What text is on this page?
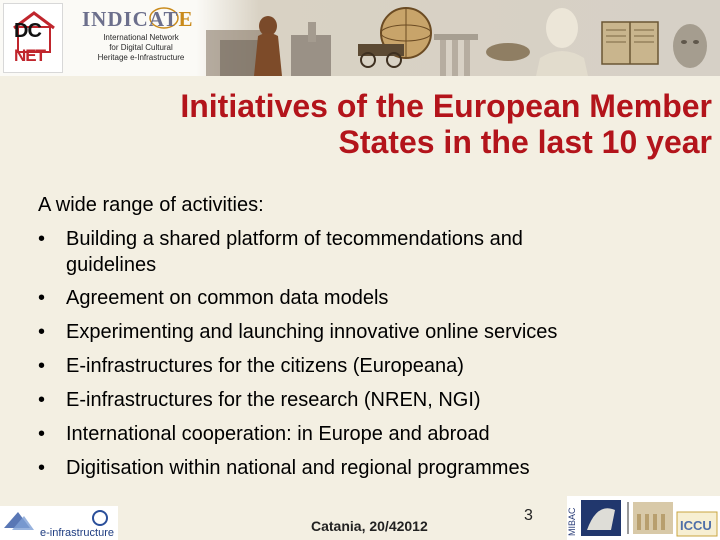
DC
NET
INDICATE
International Network
for Digital Cultural
Heritage e-Infrastructure
Initiatives of the European Member
States in the last 10 year
A wide range of activities:
•	Building a shared platform of tecommendations and
guidelines
•	Agreement on common data models
•	Experimenting and launching innovative online services
•	E-infrastructures for the citizens (Europeana)
•	E-infrastructures for the research (NREN, NGI)
•	International cooperation: in Europe and abroad
•	Digitisation within national and regional programmes
e-infrastructure	Catania, 20/42012
3	MIBAC	ICCU
